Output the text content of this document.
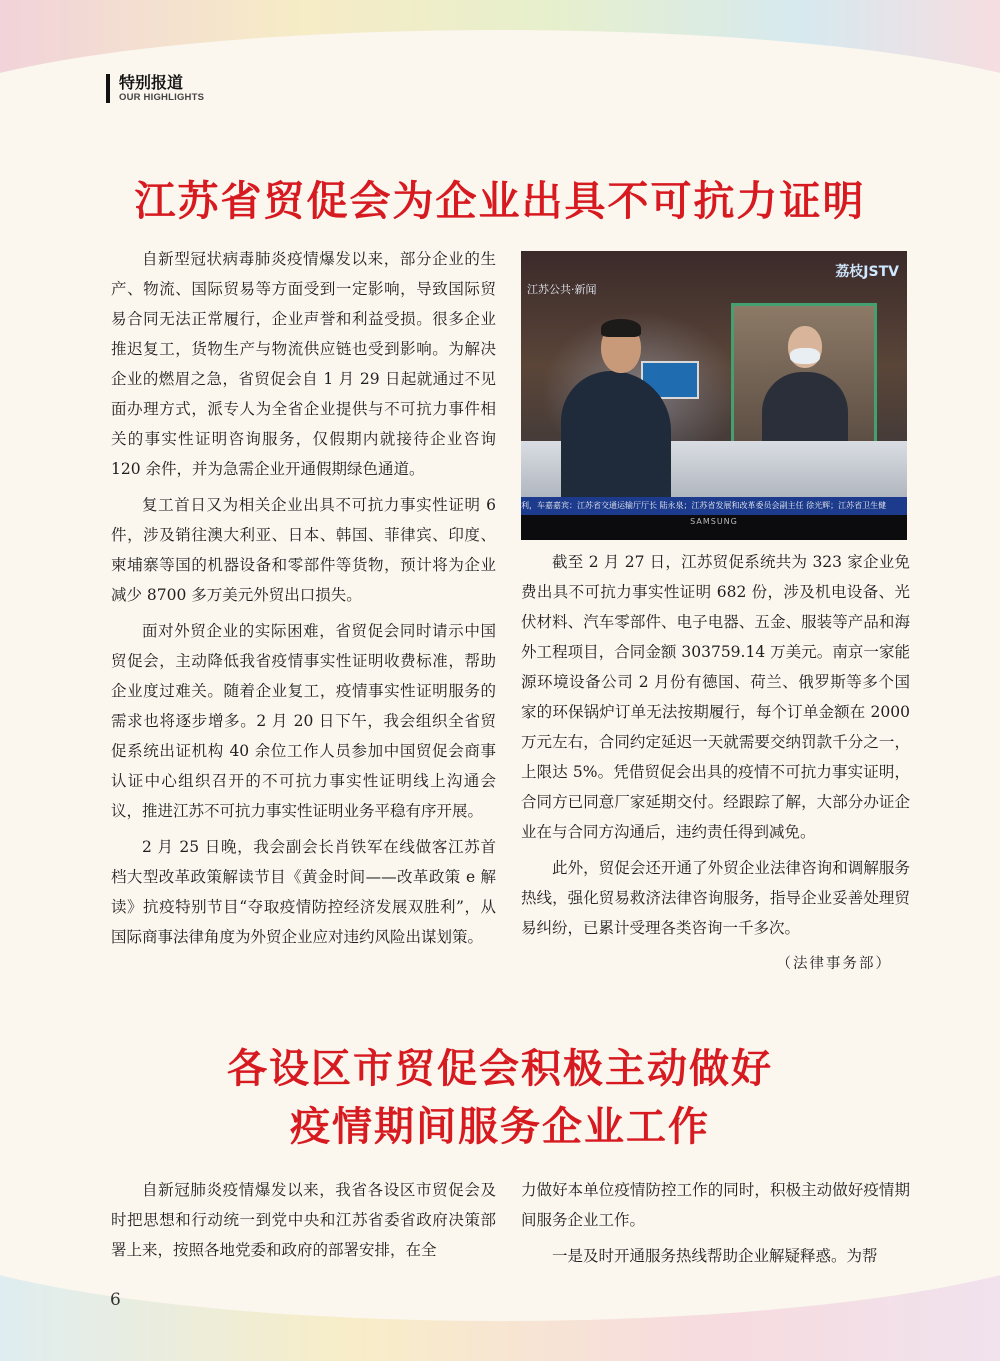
特别报道
OUR HIGHLIGHTS
江苏省贸促会为企业出具不可抗力证明

自新型冠状病毒肺炎疫情爆发以来，部分企业的生产、物流、国际贸易等方面受到一定影响，导致国际贸易合同无法正常履行，企业声誉和利益受损。很多企业推迟复工，货物生产与物流供应链也受到影响。为解决企业的燃眉之急，省贸促会自 1 月 29 日起就通过不见面办理方式，派专人为全省企业提供与不可抗力事件相关的事实性证明咨询服务，仅假期内就接待企业咨询 120 余件，并为急需企业开通假期绿色通道。

复工首日又为相关企业出具不可抗力事实性证明 6 件，涉及销往澳大利亚、日本、韩国、菲律宾、印度、柬埔寨等国的机器设备和零部件等货物，预计将为企业减少 8700 多万美元外贸出口损失。

面对外贸企业的实际困难，省贸促会同时请示中国贸促会，主动降低我省疫情事实性证明收费标准，帮助企业度过难关。随着企业复工，疫情事实性证明服务的需求也将逐步增多。2 月 20 日下午，我会组织全省贸促系统出证机构 40 余位工作人员参加中国贸促会商事认证中心组织召开的不可抗力事实性证明线上沟通会议，推进江苏不可抗力事实性证明业务平稳有序开展。

2 月 25 日晚，我会副会长肖铁军在线做客江苏首档大型改革政策解读节目《黄金时间——改革政策 e 解读》抗疫特别节目“夺取疫情防控经济发展双胜利”，从国际商事法律角度为外贸企业应对违约风险出谋划策。

江苏公共·新闻
荔枝JSTV
利，车嘉嘉宾：江苏省交通运输厅厅长 陆永泉；江苏省发展和改革委员会副主任 徐光辉；江苏省卫生健
SAMSUNG

截至 2 月 27 日，江苏贸促系统共为 323 家企业免费出具不可抗力事实性证明 682 份，涉及机电设备、光伏材料、汽车零部件、电子电器、五金、服装等产品和海外工程项目，合同金额 303759.14 万美元。南京一家能源环境设备公司 2 月份有德国、荷兰、俄罗斯等多个国家的环保锅炉订单无法按期履行，每个订单金额在 2000 万元左右，合同约定延迟一天就需要交纳罚款千分之一，上限达 5%。凭借贸促会出具的疫情不可抗力事实证明，合同方已同意厂家延期交付。经跟踪了解，大部分办证企业在与合同方沟通后，违约责任得到减免。

此外，贸促会还开通了外贸企业法律咨询和调解服务热线，强化贸易救济法律咨询服务，指导企业妥善处理贸易纠纷，已累计受理各类咨询一千多次。

（法律事务部）
各设区市贸促会积极主动做好
疫情期间服务企业工作

自新冠肺炎疫情爆发以来，我省各设区市贸促会及时把思想和行动统一到党中央和江苏省委省政府决策部署上来，按照各地党委和政府的部署安排，在全

力做好本单位疫情防控工作的同时，积极主动做好疫情期间服务企业工作。

一是及时开通服务热线帮助企业解疑释惑。为帮

6
